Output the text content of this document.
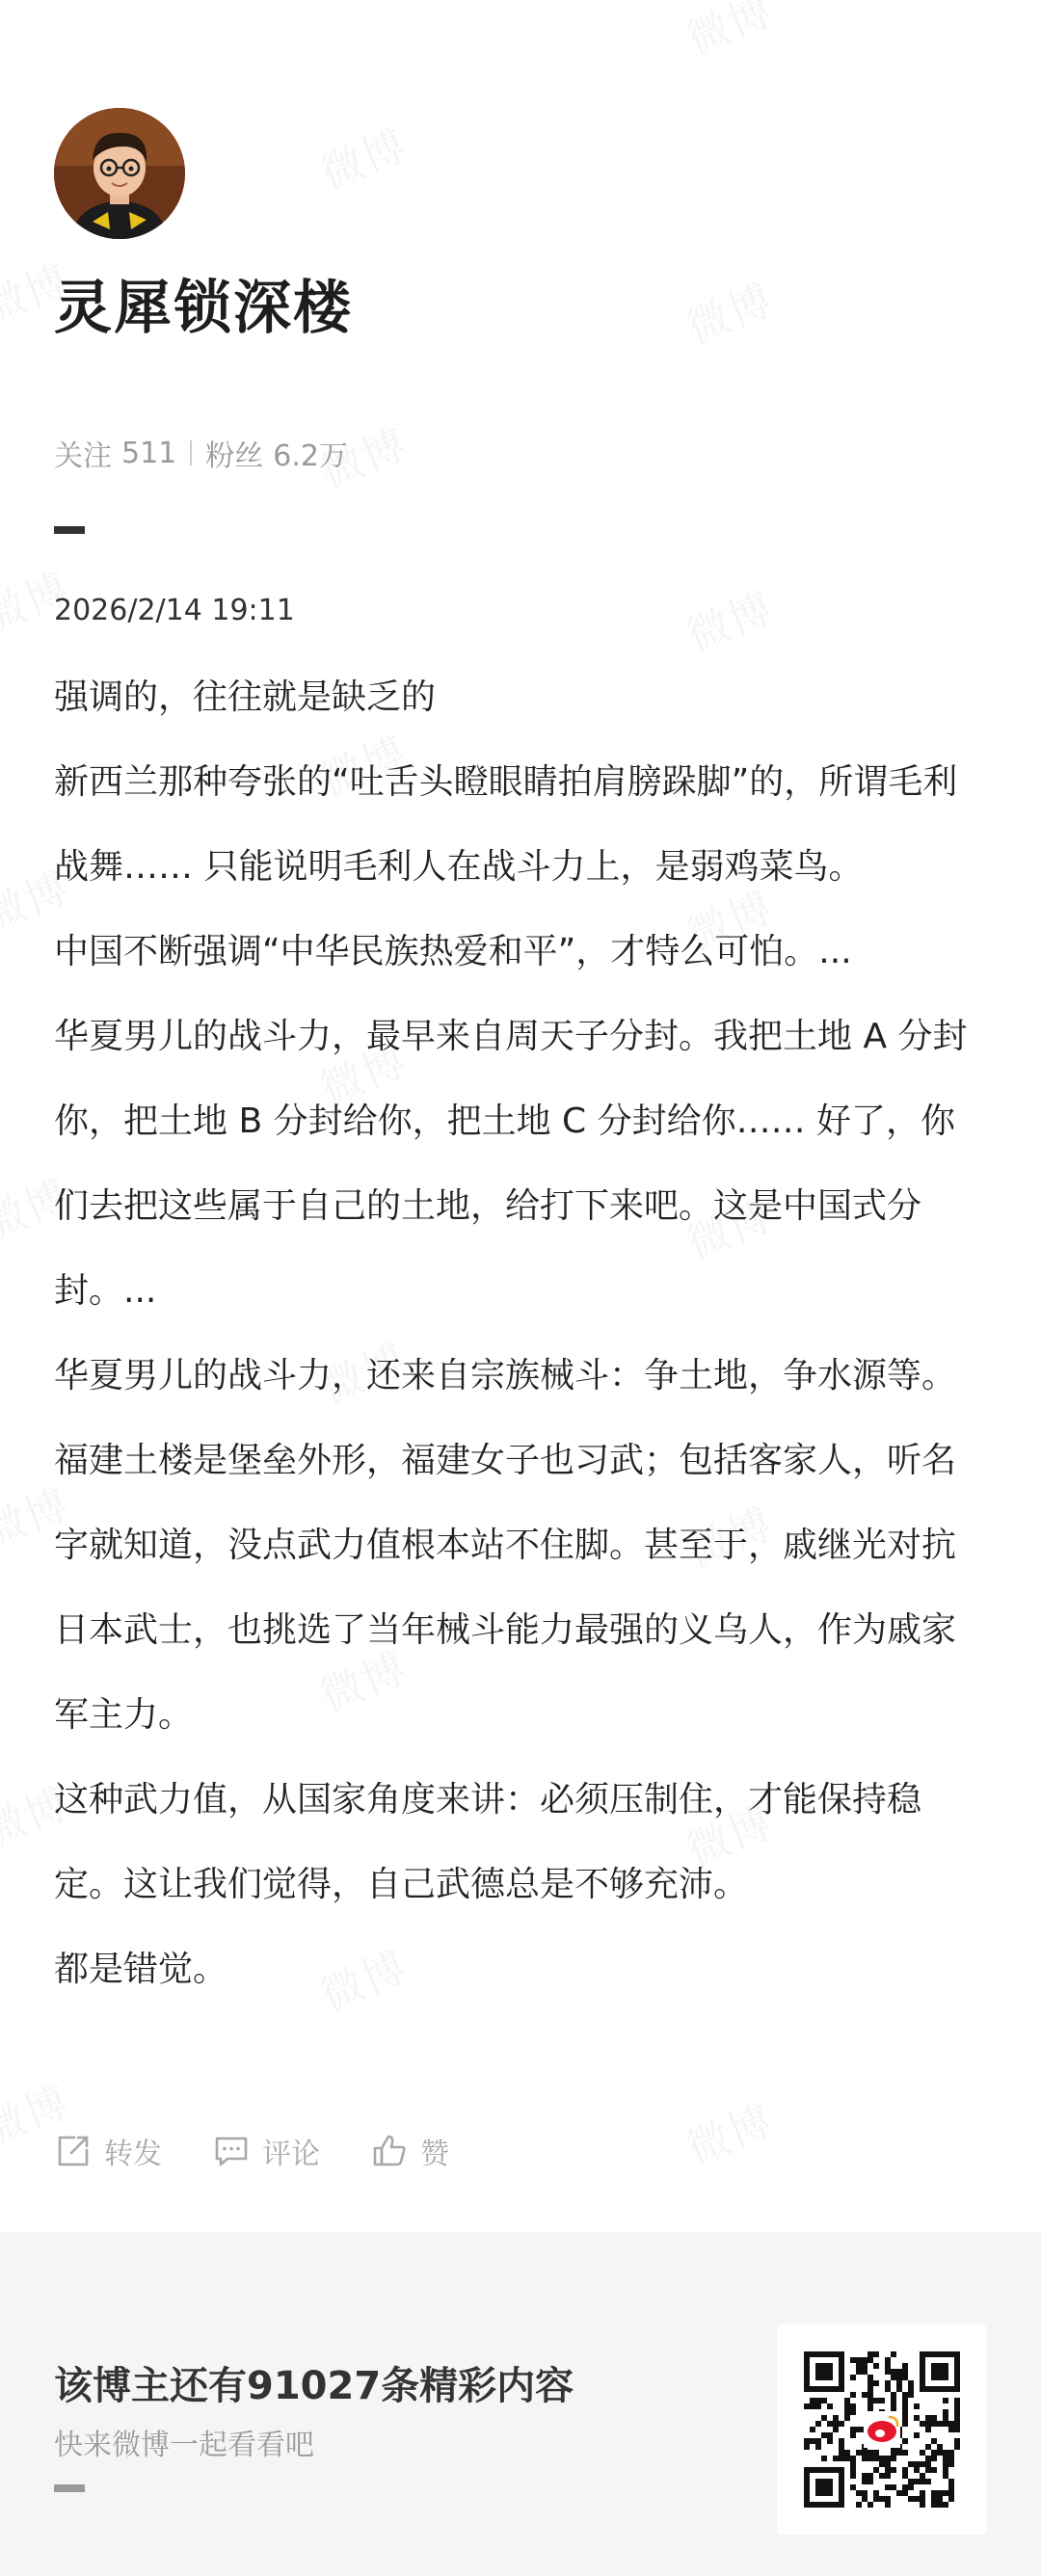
灵犀锁深楼
关注 511 粉丝 6.2万
2026/2/14 19:11

强调的，往往就是缺乏的

新西兰那种夸张的“吐舌头瞪眼睛拍肩膀跺脚”的，所谓毛利战舞…… 只能说明毛利人在战斗力上，是弱鸡菜鸟。

中国不断强调“中华民族热爱和平”，才特么可怕。...

华夏男儿的战斗力，最早来自周天子分封。我把土地 A 分封你，把土地 B 分封给你，把土地 C 分封给你…… 好了，你们去把这些属于自己的土地，给打下来吧。这是中国式分封。...

华夏男儿的战斗力，还来自宗族械斗：争土地，争水源等。福建土楼是堡垒外形，福建女子也习武；包括客家人，听名字就知道，没点武力值根本站不住脚。甚至于，戚继光对抗日本武士，也挑选了当年械斗能力最强的义乌人，作为戚家军主力。

这种武力值，从国家角度来讲：必须压制住，才能保持稳定。这让我们觉得，自己武德总是不够充沛。

都是错觉。

转发	评论	赞
该博主还有91027条精彩内容
快来微博一起看看吧
